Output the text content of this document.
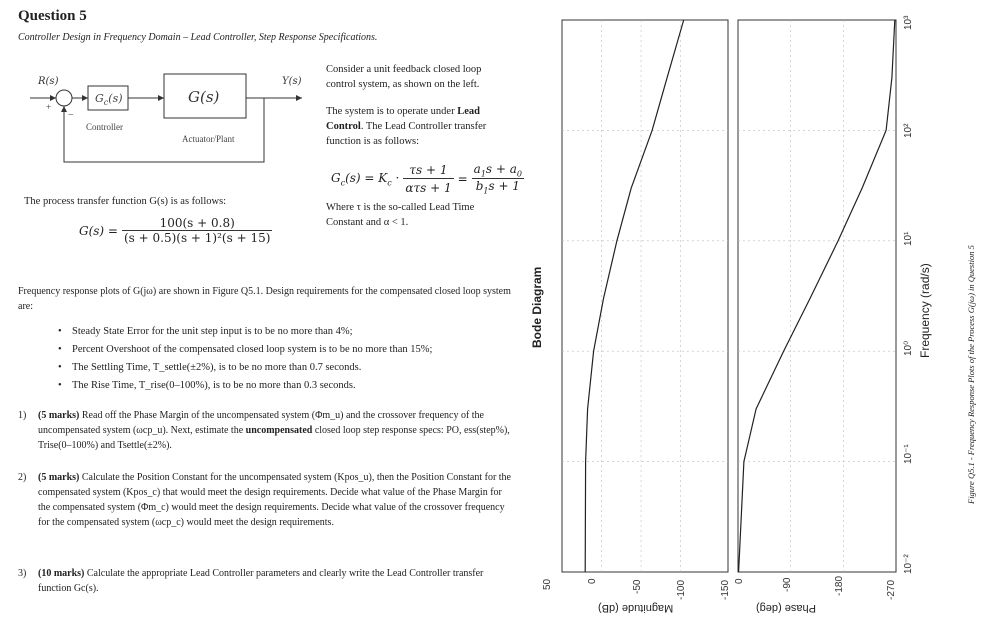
Question 5
Controller Design in Frequency Domain – Lead Controller, Step Response Specifications.
R(s)	Y(s)
+
−
$G_c(s)$	G(s)
Controller
Actuator/Plant
Consider a unit feedback closed loop control system, as shown on the left.
The system is to operate under Lead Control. The Lead Controller transfer function is as follows:
$G_c(s) = K_c$ ·	τs + 1	=	$a_1s + a_0$
	ατs + 1		$b_1s + 1$
Where τ is the so-called Lead Time Constant and α < 1.
The process transfer function G(s) is as follows:
G(s) =	100(s + 0.8)
(s + 0.5)(s + 1)²(s + 15)
Frequency response plots of G(jω) are shown in Figure Q5.1. Design requirements for the compensated closed loop system are:
• Steady State Error for the unit step input is to be no more than 4%;
• Percent Overshoot of the compensated closed loop system is to be no more than 15%;
• The Settling Time, T_settle(±2%), is to be no more than 0.7 seconds.
• The Rise Time, T_rise(0–100%), is to be no more than 0.3 seconds.
1) (5 marks) Read off the Phase Margin of the uncompensated system (Φm_u) and the crossover frequency of the uncompensated system (ωcp_u). Next, estimate the uncompensated closed loop step response specs: PO, ess(step%), Trise(0–100%) and Tsettle(±2%).
2) (5 marks) Calculate the Position Constant for the uncompensated system (Kpos_u), then the Position Constant for the compensated system (Kpos_c) that would meet the design requirements. Decide what value of the Phase Margin for the compensated system (Φm_c) would meet the design requirements. Decide what value of the crossover frequency for the compensated system (ωcp_c) would meet the design requirements.
3) (10 marks) Calculate the appropriate Lead Controller parameters and clearly write the Lead Controller transfer function Gc(s).
Bode Diagram	Frequency (rad/s)
Magnitude (dB)	Phase (deg)
Figure Q5.1 - Frequency Response Plots of the Process G(jω) in Question 5
10⁻²
10⁻¹
10⁰
10¹
10²
10³
50	0	-50	-100	-150 0	-90	-180	-270
